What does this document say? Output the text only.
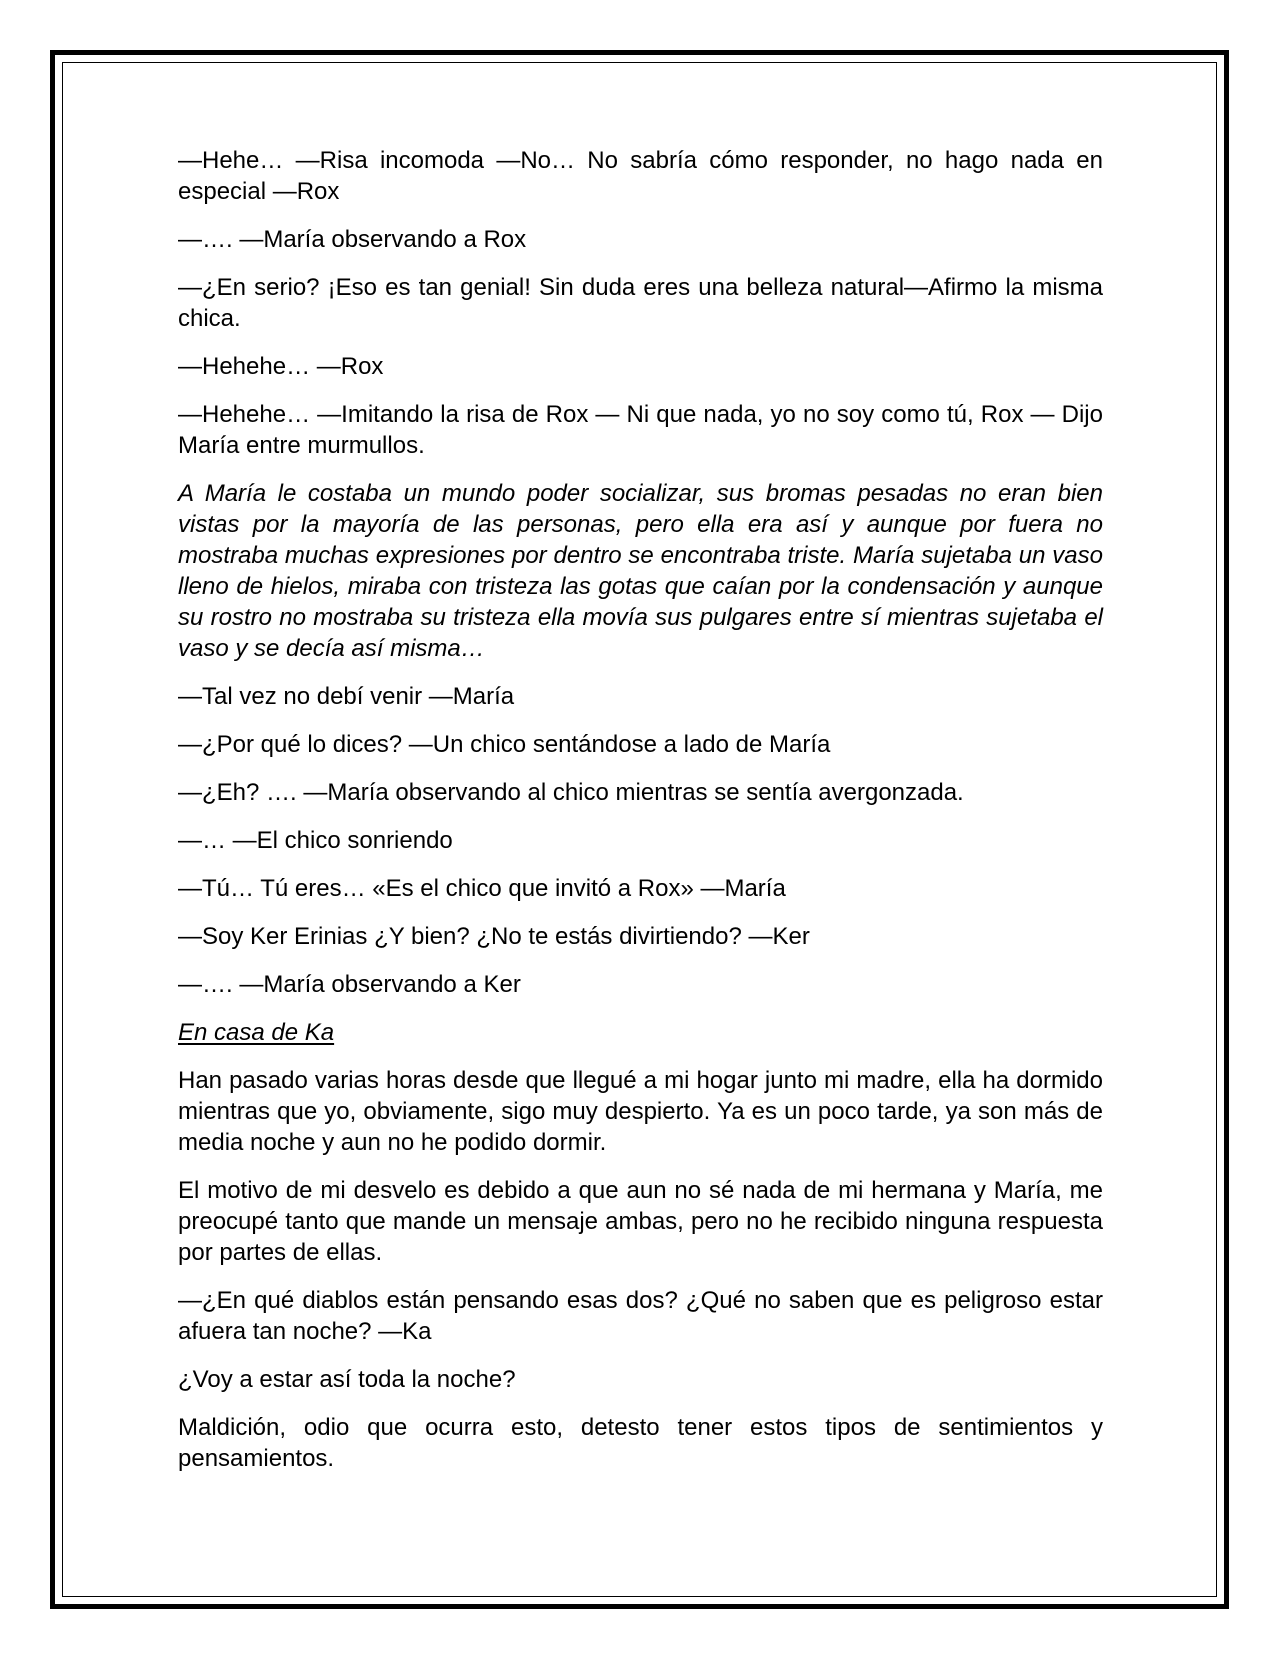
—Hehe… —Risa incomoda —No… No sabría cómo responder, no hago nada en especial —Rox

—…. —María observando a Rox

—¿En serio? ¡Eso es tan genial! Sin duda eres una belleza natural—Afirmo la misma chica.

—Hehehe… —Rox

—Hehehe… —Imitando la risa de Rox — Ni que nada, yo no soy como tú, Rox — Dijo María entre murmullos.

A María le costaba un mundo poder socializar, sus bromas pesadas no eran bien vistas por la mayoría de las personas, pero ella era así y aunque por fuera no mostraba muchas expresiones por dentro se encontraba triste. María sujetaba un vaso lleno de hielos, miraba con tristeza las gotas que caían por la condensación y aunque su rostro no mostraba su tristeza ella movía sus pulgares entre sí mientras sujetaba el vaso y se decía así misma…

—Tal vez no debí venir —María

—¿Por qué lo dices? —Un chico sentándose a lado de María

—¿Eh? …. —María observando al chico mientras se sentía avergonzada.

—… —El chico sonriendo

—Tú… Tú eres… «Es el chico que invitó a Rox» —María

—Soy Ker Erinias ¿Y bien? ¿No te estás divirtiendo? —Ker

—…. —María observando a Ker

En casa de Ka

Han pasado varias horas desde que llegué a mi hogar junto mi madre, ella ha dormido mientras que yo, obviamente, sigo muy despierto. Ya es un poco tarde, ya son más de media noche y aun no he podido dormir.

El motivo de mi desvelo es debido a que aun no sé nada de mi hermana y María, me preocupé tanto que mande un mensaje ambas, pero no he recibido ninguna respuesta por partes de ellas.

—¿En qué diablos están pensando esas dos? ¿Qué no saben que es peligroso estar afuera tan noche? —Ka

¿Voy a estar así toda la noche?

Maldición, odio que ocurra esto, detesto tener estos tipos de sentimientos y pensamientos.
